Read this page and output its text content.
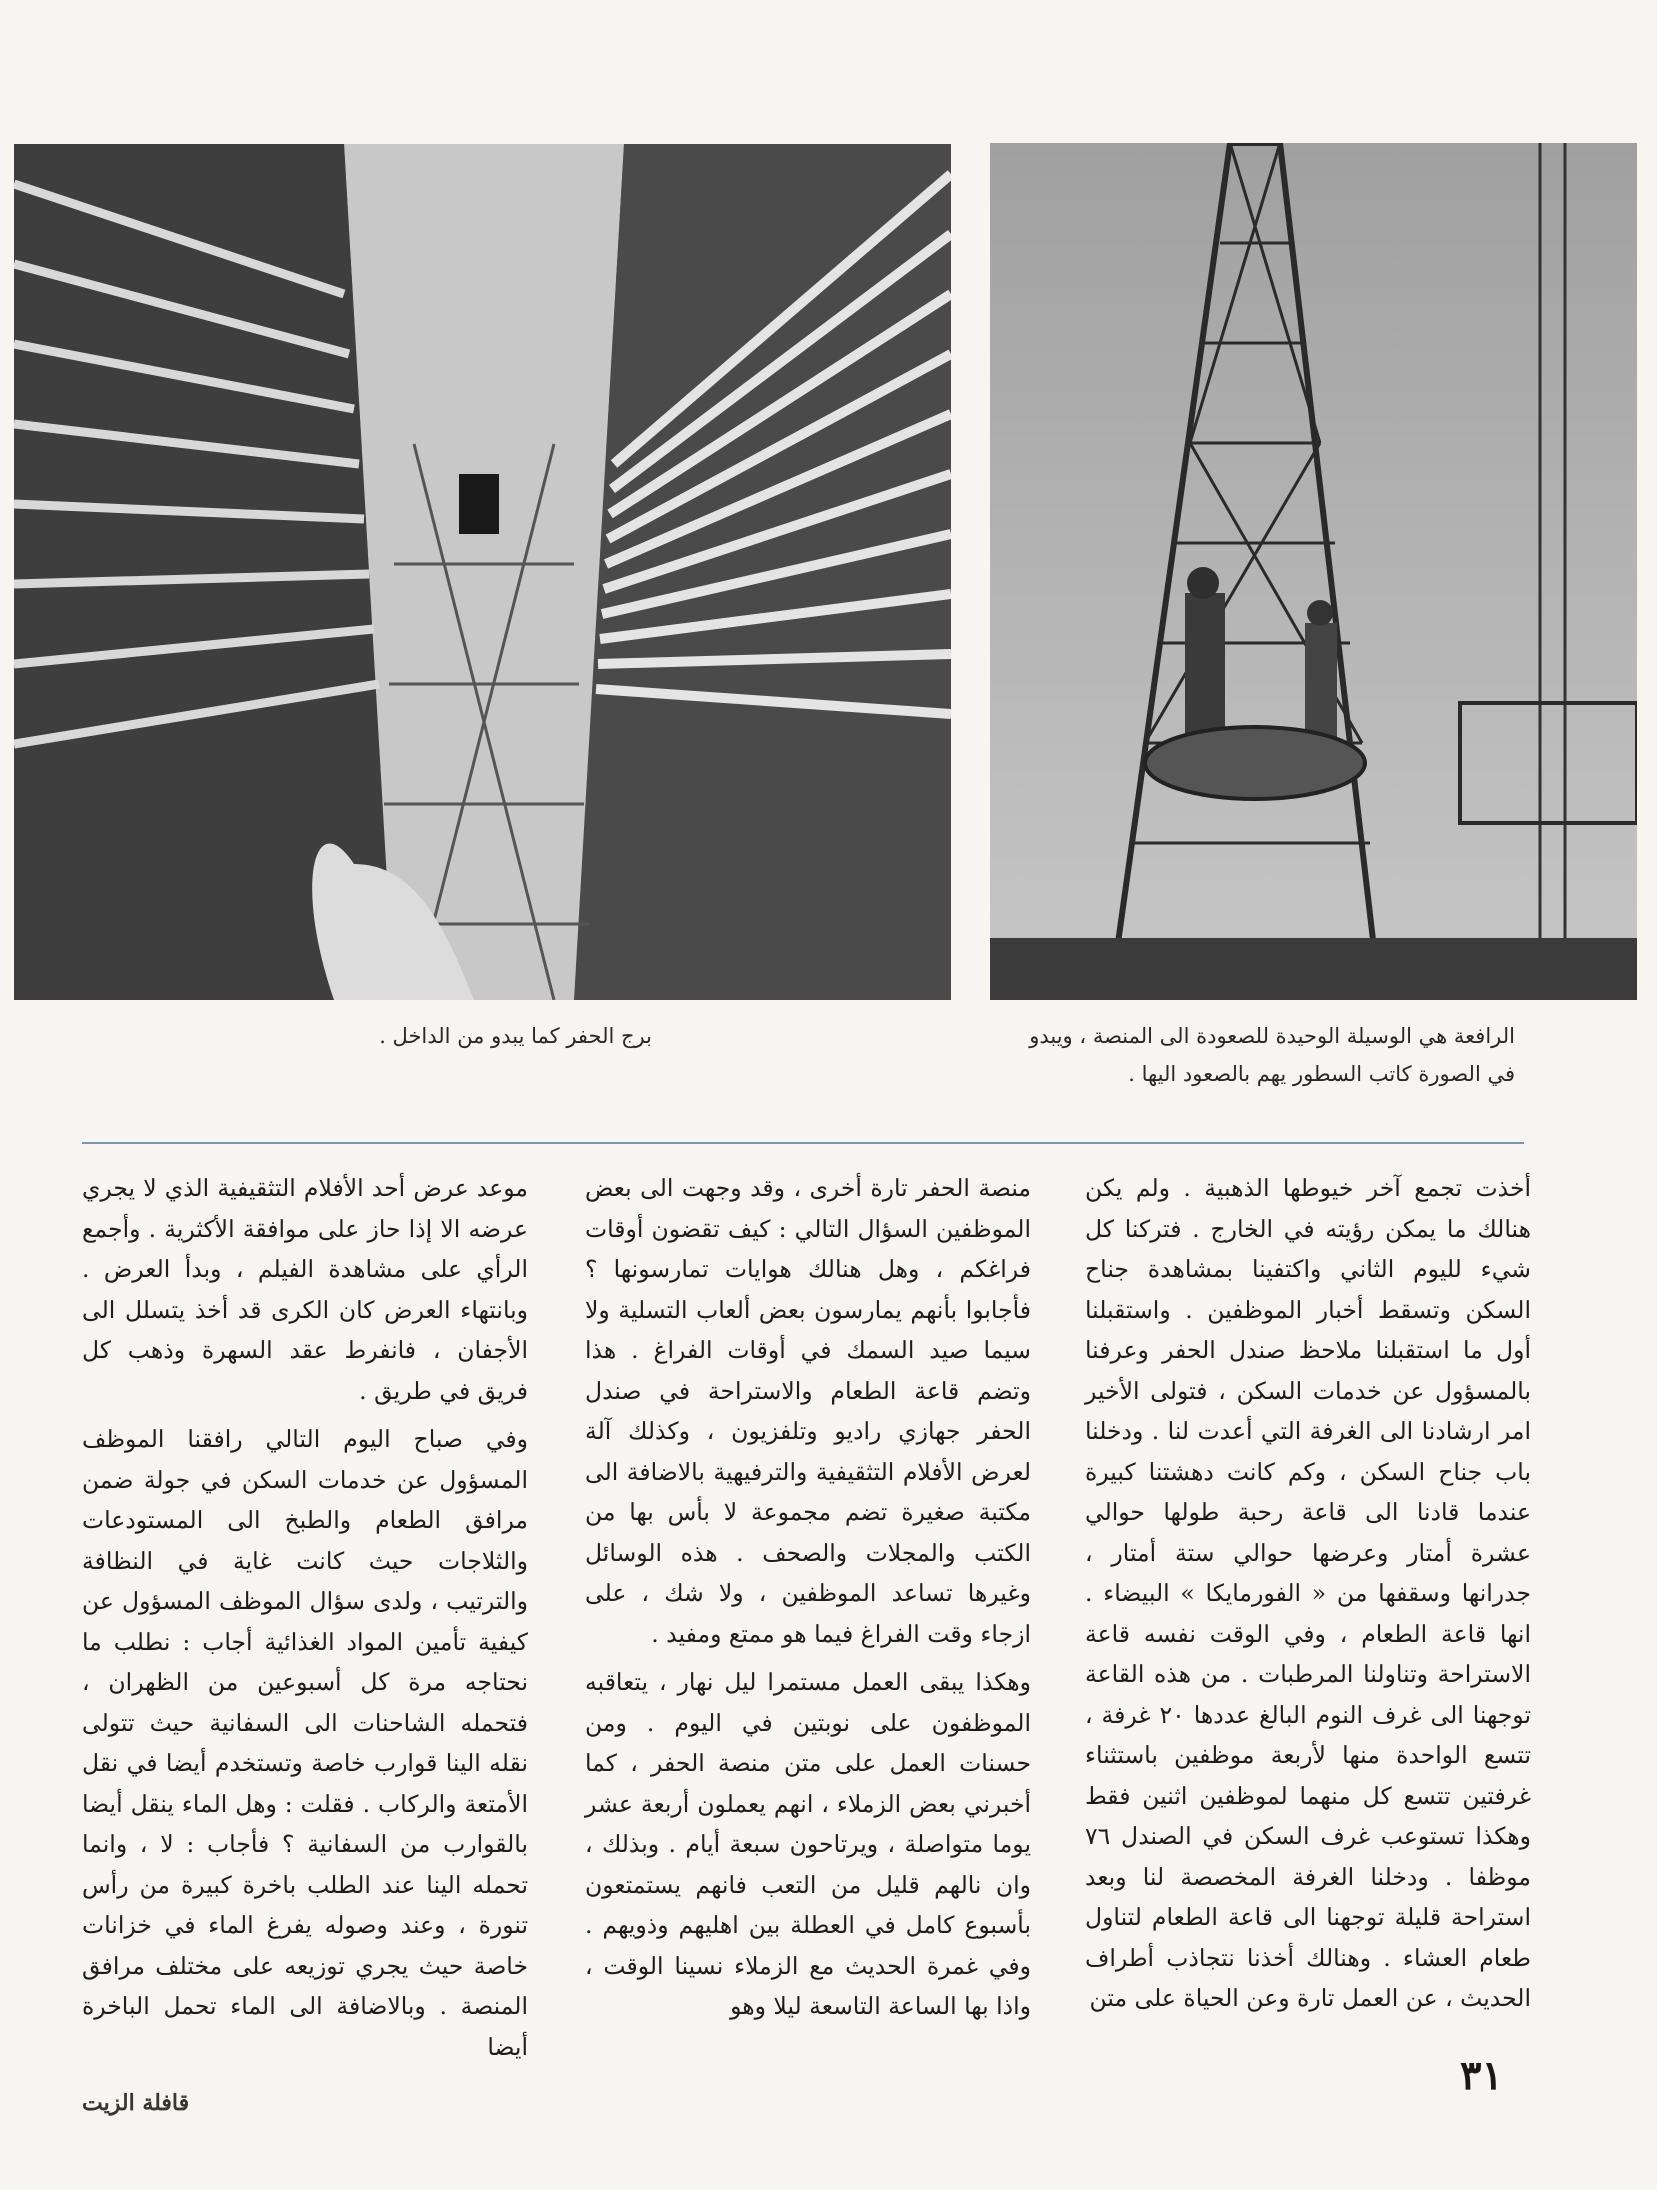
برج الحفر كما يبدو من الداخل .	الرافعة هي الوسيلة الوحيدة للصعودة الى المنصة ، ويبدو في الصورة كاتب السطور يهم بالصعود اليها .

أخذت تجمع آخر خيوطها الذهبية . ولم يكن هنالك ما يمكن رؤيته في الخارج . فتركنا كل شيء لليوم الثاني واكتفينا بمشاهدة جناح السكن وتسقط أخبار الموظفين . واستقبلنا أول ما استقبلنا ملاحظ صندل الحفر وعرفنا بالمسؤول عن خدمات السكن ، فتولى الأخير امر ارشادنا الى الغرفة التي أعدت لنا . ودخلنا باب جناح السكن ، وكم كانت دهشتنا كبيرة عندما قادنا الى قاعة رحبة طولها حوالي عشرة أمتار وعرضها حوالي ستة أمتار ، جدرانها وسقفها من « الفورمايكا » البيضاء . انها قاعة الطعام ، وفي الوقت نفسه قاعة الاستراحة وتناولنا المرطبات . من هذه القاعة توجهنا الى غرف النوم البالغ عددها ٢٠ غرفة ، تتسع الواحدة منها لأربعة موظفين باستثناء غرفتين تتسع كل منهما لموظفين اثنين فقط وهكذا تستوعب غرف السكن في الصندل ٧٦ موظفا . ودخلنا الغرفة المخصصة لنا وبعد استراحة قليلة توجهنا الى قاعة الطعام لتناول طعام العشاء . وهنالك أخذنا نتجاذب أطراف الحديث ، عن العمل تارة وعن الحياة على متن

منصة الحفر تارة أخرى ، وقد وجهت الى بعض الموظفين السؤال التالي : كيف تقضون أوقات فراغكم ، وهل هنالك هوايات تمارسونها ؟ فأجابوا بأنهم يمارسون بعض ألعاب التسلية ولا سيما صيد السمك في أوقات الفراغ . هذا وتضم قاعة الطعام والاستراحة في صندل الحفر جهازي راديو وتلفزيون ، وكذلك آلة لعرض الأفلام التثقيفية والترفيهية بالاضافة الى مكتبة صغيرة تضم مجموعة لا بأس بها من الكتب والمجلات والصحف . هذه الوسائل وغيرها تساعد الموظفين ، ولا شك ، على ازجاء وقت الفراغ فيما هو ممتع ومفيد .

وهكذا يبقى العمل مستمرا ليل نهار ، يتعاقبه الموظفون على نوبتين في اليوم . ومن حسنات العمل على متن منصة الحفر ، كما أخبرني بعض الزملاء ، انهم يعملون أربعة عشر يوما متواصلة ، ويرتاحون سبعة أيام . وبذلك ، وان نالهم قليل من التعب فانهم يستمتعون بأسبوع كامل في العطلة بين اهليهم وذويهم . وفي غمرة الحديث مع الزملاء نسينا الوقت ، واذا بها الساعة التاسعة ليلا وهو

موعد عرض أحد الأفلام التثقيفية الذي لا يجري عرضه الا إذا حاز على موافقة الأكثرية . وأجمع الرأي على مشاهدة الفيلم ، وبدأ العرض . وبانتهاء العرض كان الكرى قد أخذ يتسلل الى الأجفان ، فانفرط عقد السهرة وذهب كل فريق في طريق .

وفي صباح اليوم التالي رافقنا الموظف المسؤول عن خدمات السكن في جولة ضمن مرافق الطعام والطبخ الى المستودعات والثلاجات حيث كانت غاية في النظافة والترتيب ، ولدى سؤال الموظف المسؤول عن كيفية تأمين المواد الغذائية أجاب : نطلب ما نحتاجه مرة كل أسبوعين من الظهران ، فتحمله الشاحنات الى السفانية حيث تتولى نقله الينا قوارب خاصة وتستخدم أيضا في نقل الأمتعة والركاب . فقلت : وهل الماء ينقل أيضا بالقوارب من السفانية ؟ فأجاب : لا ، وانما تحمله الينا عند الطلب باخرة كبيرة من رأس تنورة ، وعند وصوله يفرغ الماء في خزانات خاصة حيث يجري توزيعه على مختلف مرافق المنصة . وبالاضافة الى الماء تحمل الباخرة أيضا

٣١
قافلة الزيت
